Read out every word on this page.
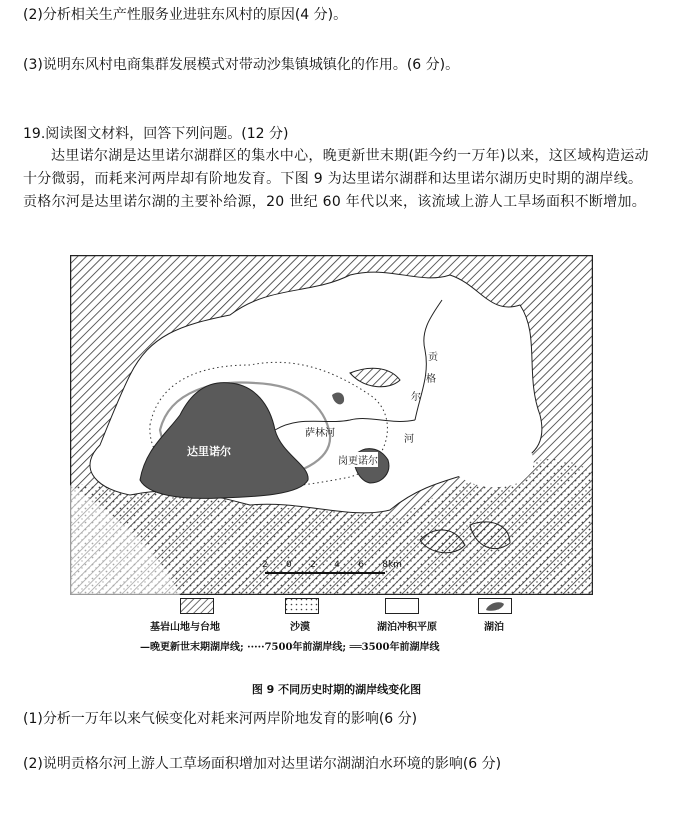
(2)分析相关生产性服务业进驻东风村的原因(4 分)。
(3)说明东风村电商集群发展模式对带动沙集镇城镇化的作用。(6 分)。
19.阅读图文材料，回答下列问题。(12 分)
达里诺尔湖是达里诺尔湖群区的集水中心，晚更新世末期(距今约一万年)以来，这区域构造运动十分微弱，而耗来河两岸却有阶地发育。下图 9 为达里诺尔湖群和达里诺尔湖历史时期的湖岸线。贡格尔河是达里诺尔湖的主要补给源，20 世纪 60 年代以来，该流域上游人工旱场面积不断增加。
达里诺尔
岗更诺尔
萨林河
贡
格
尔
河
2 0 2 4 6 8km
基岩山地与台地	沙漠	湖泊冲积平原	湖泊
—晚更新世末期湖岸线; ·····7500年前湖岸线; ══3500年前湖岸线
图 9 不同历史时期的湖岸线变化图
(1)分析一万年以来气候变化对耗来河两岸阶地发育的影响(6 分)
(2)说明贡格尔河上游人工草场面积增加对达里诺尔湖湖泊水环境的影响(6 分)
